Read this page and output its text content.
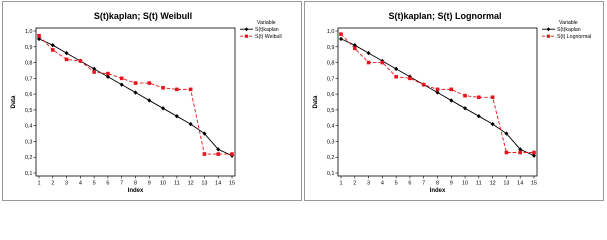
S(t)kaplan; S(t) Weibull
0,1
0,2
0,3
0,4
0,5
0,6
0,7
0,8
0,9
1,0
1 2 3 4 5 6 7 8 9 10 11 12 13 14 15
Index
Data
Variable
S(t)kaplan
S(t) Weibull
S(t)kaplan; S(t) Lognormal
0,1
0,2
0,3
0,4
0,5
0,6
0,7
0,8
0,9
1,0
1 2 3 4 5 6 7 8 9 10 11 12 13 14 15
Index
Data
Variable
S(t)kaplan
S(t) Lognormal
